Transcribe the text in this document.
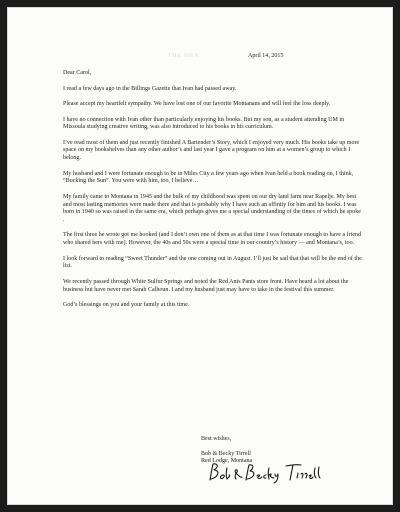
THE MEN	April 14, 2015

Dear Carol,

I read a few days ago in the Billings Gazette that Ivan had passed away.

Please accept my heartfelt sympathy. We have lost one of our favorite Montanans and will feel the loss deeply.

I have no connection with Ivan other than particularly enjoying his books. But my son, as a student attending UM in Missoula studying creative writing, was also introduced to his books in his curriculum.

I’ve read most of them and just recently finished A Bartender’s Story, which I enjoyed very much. His books take up more space on my bookshelves than any other author’s and last year I gave a program on him at a women’s group to which I belong.

My husband and I were fortunate enough to be in Miles City a few years ago when Ivan held a book reading on, I think, “Bucking the Sun”. You were with him, too, I believe…

My family came to Montana in 1945 and the bulk of my childhood was spent on our dry land farm near Rapelje. My best and most lasting memories were made there and that is probably why I have such an affinity for him and his books. I was born in 1940 so was raised in the same era, which perhaps gives me a special understanding of the times of which he spoke .

The first three he wrote got me hooked (and I don’t own one of them as at that time I was fortunate enough to have a friend who shared hers with me). However, the 40s and 50s were a special time in our country’s history — and Montana’s, too.

I look forward to reading “Sweet Thunder” and the one coming out in August. I’ll just be sad that that will be the end of the list.

We recently passed through White Sulfur Springs and noted the Red Ants Pants store front. Have heard a lot about the business but have never met Sarah Calhoun. I and my husband just may have to take in the festival this summer.

God’s blessings on you and your family at this time.

Best wishes,
Bob & Becky Tirrell
Red Lodge, Montana
